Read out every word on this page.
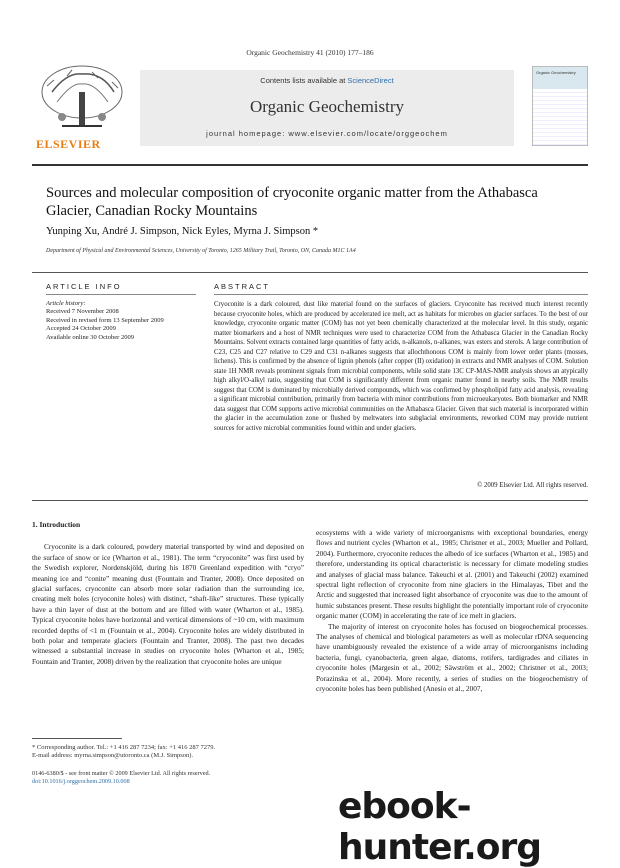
Organic Geochemistry 41 (2010) 177–186
ELSEVIER
Contents lists available at ScienceDirect
Organic Geochemistry
journal homepage: www.elsevier.com/locate/orggeochem
Organic Geochemistry
Sources and molecular composition of cryoconite organic matter from the Athabasca Glacier, Canadian Rocky Mountains
Yunping Xu, André J. Simpson, Nick Eyles, Myrna J. Simpson *
Department of Physical and Environmental Sciences, University of Toronto, 1265 Military Trail, Toronto, ON, Canada M1C 1A4
ARTICLE INFO	ABSTRACT
Article history:
Received 7 November 2008
Received in revised form 13 September 2009
Accepted 24 October 2009
Available online 30 October 2009
Cryoconite is a dark coloured, dust like material found on the surfaces of glaciers. Cryoconite has received much interest recently because cryoconite holes, which are produced by accelerated ice melt, act as habitats for microbes on glacier surfaces. To the best of our knowledge, cryoconite organic matter (COM) has not yet been chemically characterized at the molecular level. In this study, organic matter biomarkers and a host of NMR techniques were used to characterize COM from the Athabasca Glacier in the Canadian Rocky Mountains. Solvent extracts contained large quantities of fatty acids, n-alkanols, n-alkanes, wax esters and sterols. A large contribution of C23, C25 and C27 relative to C29 and C31 n-alkanes suggests that allochthonous COM is mainly from lower order plants (mosses, lichens). This is confirmed by the absence of lignin phenols (after copper (II) oxidation) in extracts and NMR analyses of COM. Solution state 1H NMR reveals prominent signals from microbial components, while solid state 13C CP-MAS-NMR analysis shows an atypically high alkyl/O-alkyl ratio, suggesting that COM is significantly different from organic matter found in nearby soils. The NMR results suggest that COM is dominated by microbially derived compounds, which was confirmed by phospholipid fatty acid analysis, revealing a significant microbial contribution, primarily from bacteria with minor contributions from microeukaryotes. Both biomarker and NMR data suggest that COM supports active microbial communities on the Athabasca Glacier. Given that such material is incorporated within the glacier in the accumulation zone or flushed by meltwaters into subglacial environments, reworked COM may provide nutrient sources for active microbial communities found within and under glaciers.
© 2009 Elsevier Ltd. All rights reserved.
1. Introduction

Cryoconite is a dark coloured, powdery material transported by wind and deposited on the surface of snow or ice (Wharton et al., 1981). The term “cryoconite” was first used by the Swedish explorer, Nordenskjöld, during his 1870 Greenland expedition with “cryo” meaning ice and “conite” meaning dust (Fountain and Tranter, 2008). Once deposited on glacial surfaces, cryoconite can absorb more solar radiation than the surrounding ice, creating melt holes (cryoconite holes) with distinct, “shaft-like” structures. These typically have a thin layer of dust at the bottom and are filled with water (Wharton et al., 1985). Typical cryoconite holes have horizontal and vertical dimensions of ~10 cm, with maximum recorded depths of <1 m (Fountain et al., 2004). Cryoconite holes are widely distributed in both polar and temperate glaciers (Fountain and Tranter, 2008). The past two decades witnessed a substantial increase in studies on cryoconite holes (Wharton et al., 1985; Fountain and Tranter, 2008) driven by the realization that cryoconite holes are unique

ecosystems with a wide variety of microorganisms with exceptional boundaries, energy flows and nutrient cycles (Wharton et al., 1985; Christner et al., 2003; Mueller and Pollard, 2004). Furthermore, cryoconite reduces the albedo of ice surfaces (Wharton et al., 1985) and therefore, understanding its optical characteristic is necessary for climate modeling studies and analyses of glacial mass balance. Takeuchi et al. (2001) and Takeuchi (2002) examined spectral light reflection of cryoconite from nine glaciers in the Himalayas, Tibet and the Arctic and suggested that increased light absorbance of cryoconite was due to the amount of humic substances present. These results highlight the potentially important role of cryoconite organic matter (COM) in accelerating the rate of ice melt in glaciers.

The majority of interest on cryoconite holes has focused on biogeochemical processes. The analyses of chemical and biological parameters as well as molecular rDNA sequencing have unambiguously revealed the existence of a wide array of microorganisms including bacteria, fungi, cyanobacteria, green algae, diatoms, rotifers, tardigrades and ciliates in cryoconite holes (Margesin et al., 2002; Säwström et al., 2002; Christner et al., 2003; Porazinska et al., 2004). More recently, a series of studies on the biogeochemistry of cryoconite holes has been published (Anesio et al., 2007,

* Corresponding author. Tel.: +1 416 287 7234; fax: +1 416 287 7279.
E-mail address: myrna.simpson@utoronto.ca (M.J. Simpson).
0146-6380/$ - see front matter © 2009 Elsevier Ltd. All rights reserved.
doi:10.1016/j.orggeochem.2009.10.008
ebook-hunter.org
